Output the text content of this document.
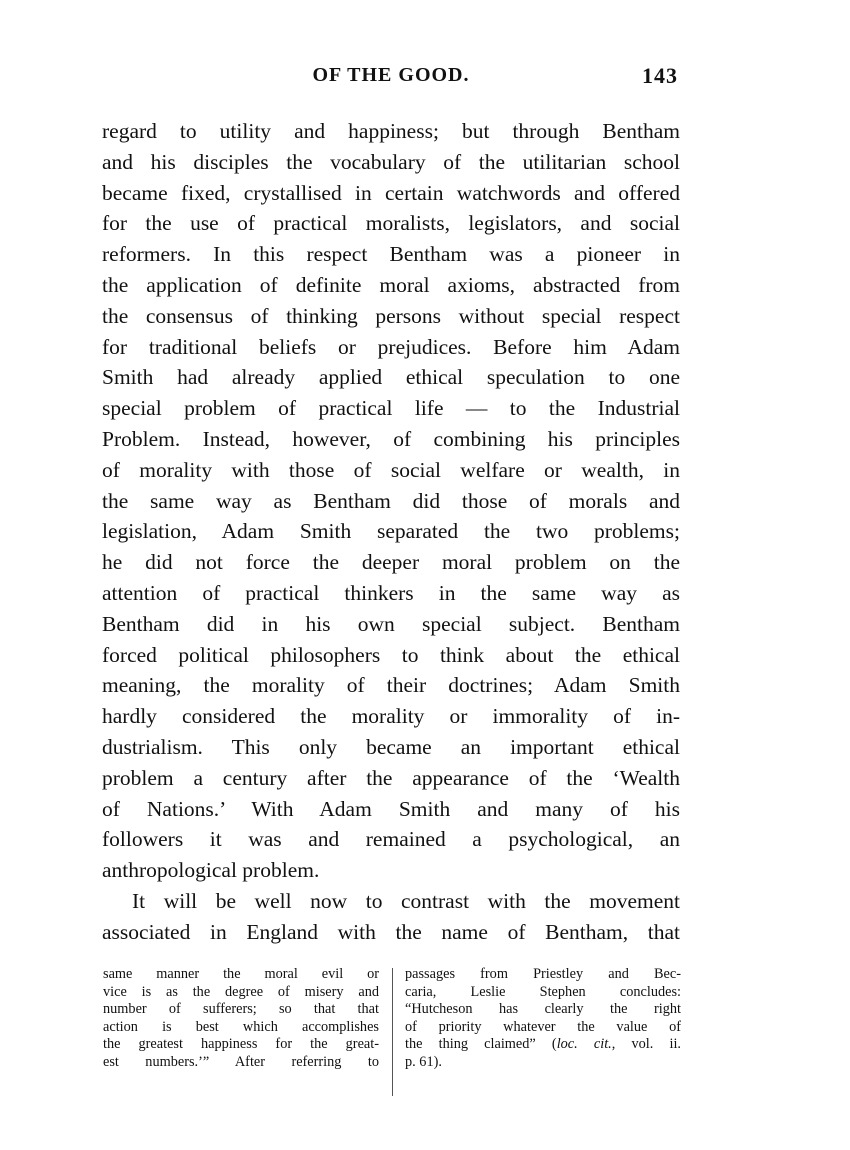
OF THE GOOD.	143
regard to utility and happiness; but through Bentham
and his disciples the vocabulary of the utilitarian school
became fixed, crystallised in certain watchwords and offered
for the use of practical moralists, legislators, and social
reformers. In this respect Bentham was a pioneer in
the application of definite moral axioms, abstracted from
the consensus of thinking persons without special respect
for traditional beliefs or prejudices. Before him Adam
Smith had already applied ethical speculation to one
special problem of practical life — to the Industrial
Problem. Instead, however, of combining his principles
of morality with those of social welfare or wealth, in
the same way as Bentham did those of morals and
legislation, Adam Smith separated the two problems;
he did not force the deeper moral problem on the
attention of practical thinkers in the same way as
Bentham did in his own special subject. Bentham
forced political philosophers to think about the ethical
meaning, the morality of their doctrines; Adam Smith
hardly considered the morality or immorality of in-
dustrialism. This only became an important ethical
problem a century after the appearance of the ‘Wealth
of Nations.’ With Adam Smith and many of his
followers it was and remained a psychological, an
anthropological problem.
It will be well now to contrast with the movement
associated in England with the name of Bentham, that
same manner the moral evil or
vice is as the degree of misery and
number of sufferers; so that that
action is best which accomplishes
the greatest happiness for the great-
est numbers.’” After referring to
passages from Priestley and Bec-
caria, Leslie Stephen concludes:
“Hutcheson has clearly the right
of priority whatever the value of
the thing claimed” (loc. cit., vol. ii.
p. 61).
